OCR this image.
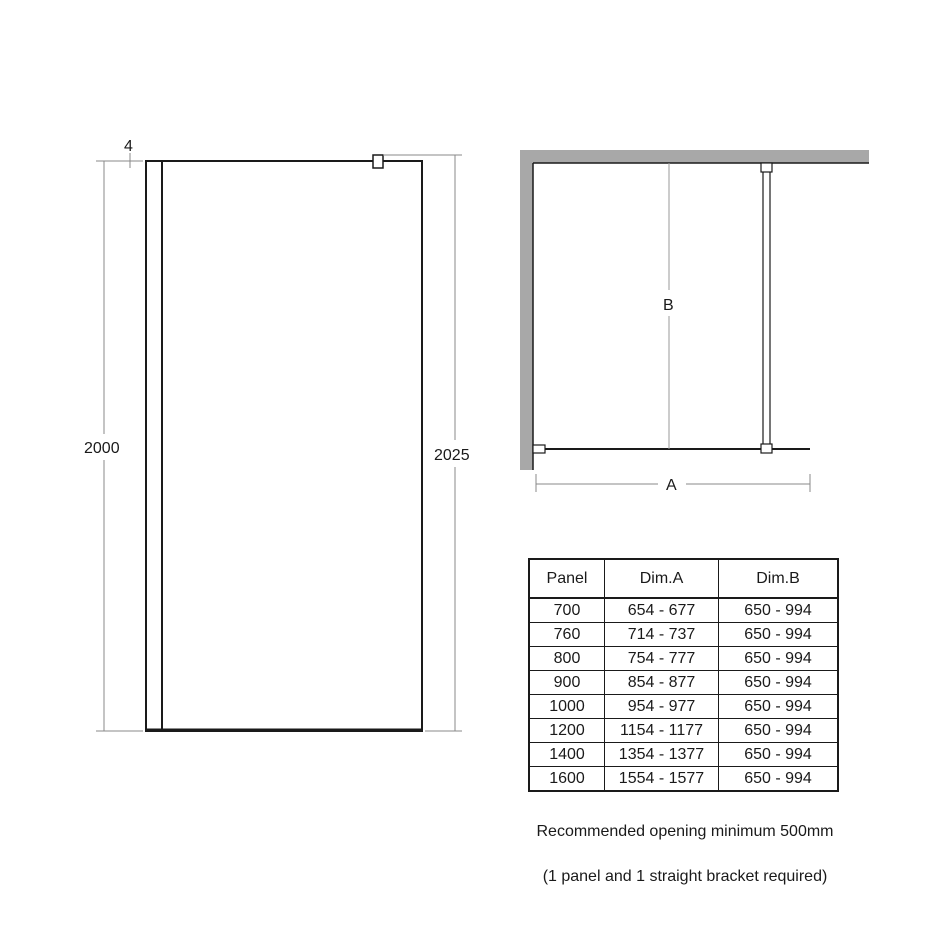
4
2000	2025
B
A
Panel	Dim.A	Dim.B
700	654 - 677	650 - 994
760	714 - 737	650 - 994
800	754 - 777	650 - 994
900	854 - 877	650 - 994
1000	954 - 977	650 - 994
1200	1154 - 1177	650 - 994
1400	1354 - 1377	650 - 994
1600	1554 - 1577	650 - 994
Recommended opening minimum 500mm
(1 panel and 1 straight bracket required)
